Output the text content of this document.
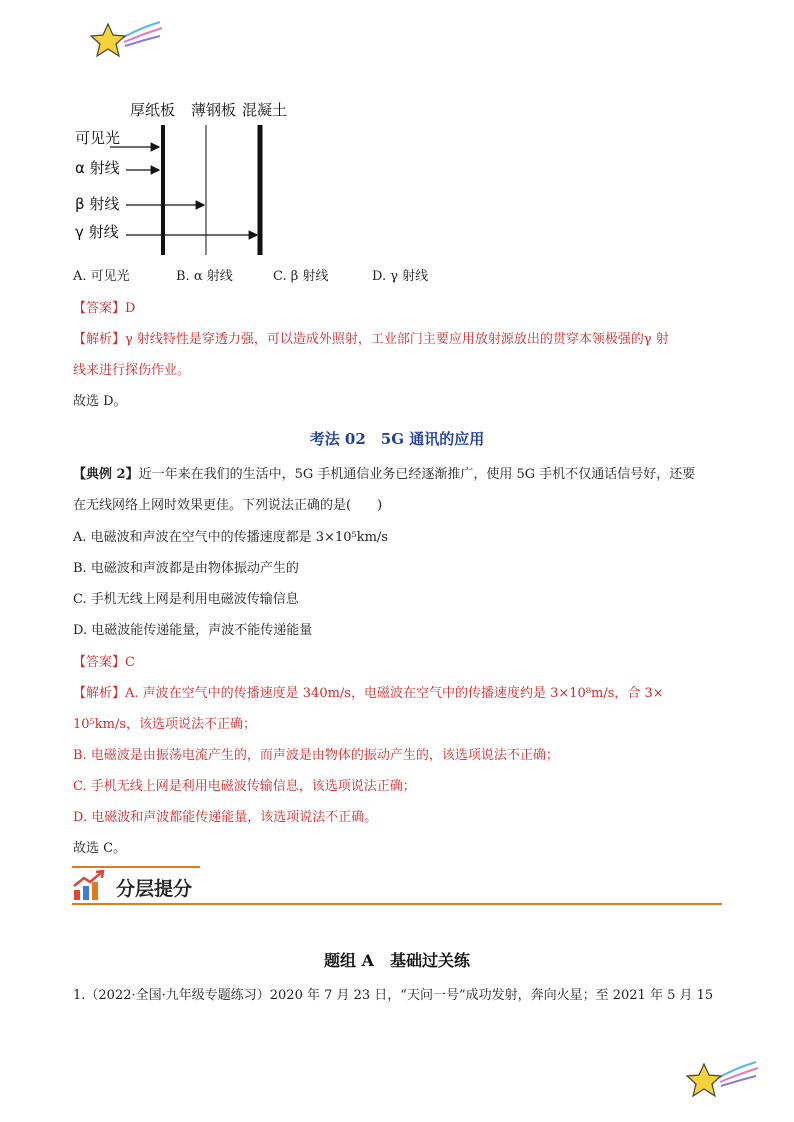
厚纸板 薄钢板 混凝土
可见光
α 射线
β 射线
γ 射线
A. 可见光	B. α 射线	C. β 射线	D. γ 射线
【答案】D
【解析】γ 射线特性是穿透力强，可以造成外照射，工业部门主要应用放射源放出的贯穿本领极强的γ 射
线来进行探伤作业。
故选 D。
考法 02　5G 通讯的应用
【典例 2】近一年来在我们的生活中，5G 手机通信业务已经逐渐推广，使用 5G 手机不仅通话信号好，还要
在无线网络上网时效果更佳。下列说法正确的是(　　)
A. 电磁波和声波在空气中的传播速度都是 3×10⁵km/s
B. 电磁波和声波都是由物体振动产生的
C. 手机无线上网是利用电磁波传输信息
D. 电磁波能传递能量，声波不能传递能量
【答案】C
【解析】A. 声波在空气中的传播速度是 340m/s，电磁波在空气中的传播速度约是 3×10⁸m/s，合 3×
10⁵km/s，该选项说法不正确；
B. 电磁波是由振荡电流产生的，而声波是由物体的振动产生的，该选项说法不正确；
C. 手机无线上网是利用电磁波传输信息，该选项说法正确；
D. 电磁波和声波都能传递能量，该选项说法不正确。
故选 C。
分层提分
题组 A　基础过关练
1.（2022·全国·九年级专题练习）2020 年 7 月 23 日，“天问一号”成功发射，奔向火星；至 2021 年 5 月 15
